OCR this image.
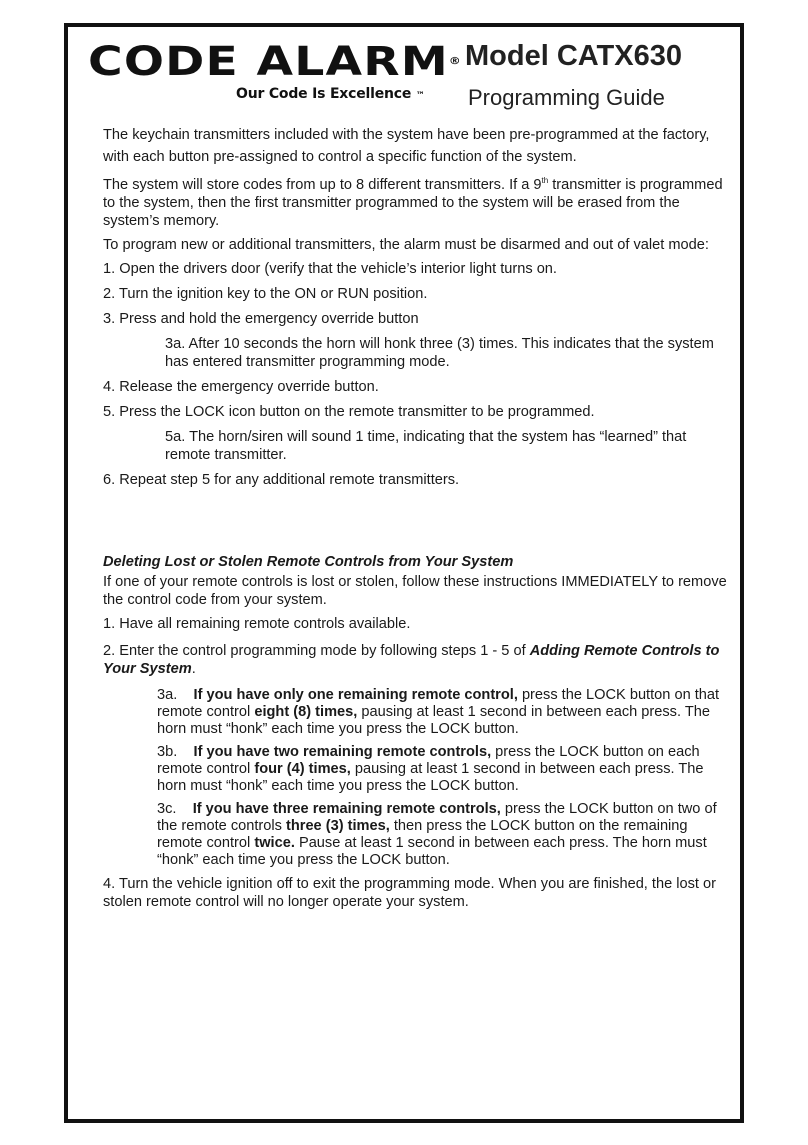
CODE ALARM®
Our Code Is Excellence ™
Model CATX630
Programming Guide

The keychain transmitters included with the system have been pre-programmed at the factory, with each button pre-assigned to control a specific function of the system.

The system will store codes from up to 8 different transmitters. If a 9th transmitter is programmed to the system, then the first transmitter programmed to the system will be erased from the system’s memory.

To program new or additional transmitters, the alarm must be disarmed and out of valet mode:

1. Open the drivers door (verify that the vehicle’s interior light turns on.

2. Turn the ignition key to the ON or RUN position.

3. Press and hold the emergency override button

3a. After 10 seconds the horn will honk three (3) times. This indicates that the system has entered transmitter programming mode.

4. Release the emergency override button.

5. Press the LOCK icon button on the remote transmitter to be programmed.

5a. The horn/siren will sound 1 time, indicating that the system has “learned” that remote transmitter.

6. Repeat step 5 for any additional remote transmitters.

Deleting Lost or Stolen Remote Controls from Your System

If one of your remote controls is lost or stolen, follow these instructions IMMEDIATELY to remove the control code from your system.

1. Have all remaining remote controls available.

2. Enter the control programming mode by following steps 1 - 5 of Adding Remote Controls to Your System.

3a. If you have only one remaining remote control, press the LOCK button on that remote control eight (8) times, pausing at least 1 second in between each press. The horn must “honk” each time you press the LOCK button.

3b. If you have two remaining remote controls, press the LOCK button on each remote control four (4) times, pausing at least 1 second in between each press. The horn must “honk” each time you press the LOCK button.

3c. If you have three remaining remote controls, press the LOCK button on two of the remote controls three (3) times, then press the LOCK button on the remaining remote control twice. Pause at least 1 second in between each press. The horn must “honk” each time you press the LOCK button.

4. Turn the vehicle ignition off to exit the programming mode. When you are finished, the lost or stolen remote control will no longer operate your system.
